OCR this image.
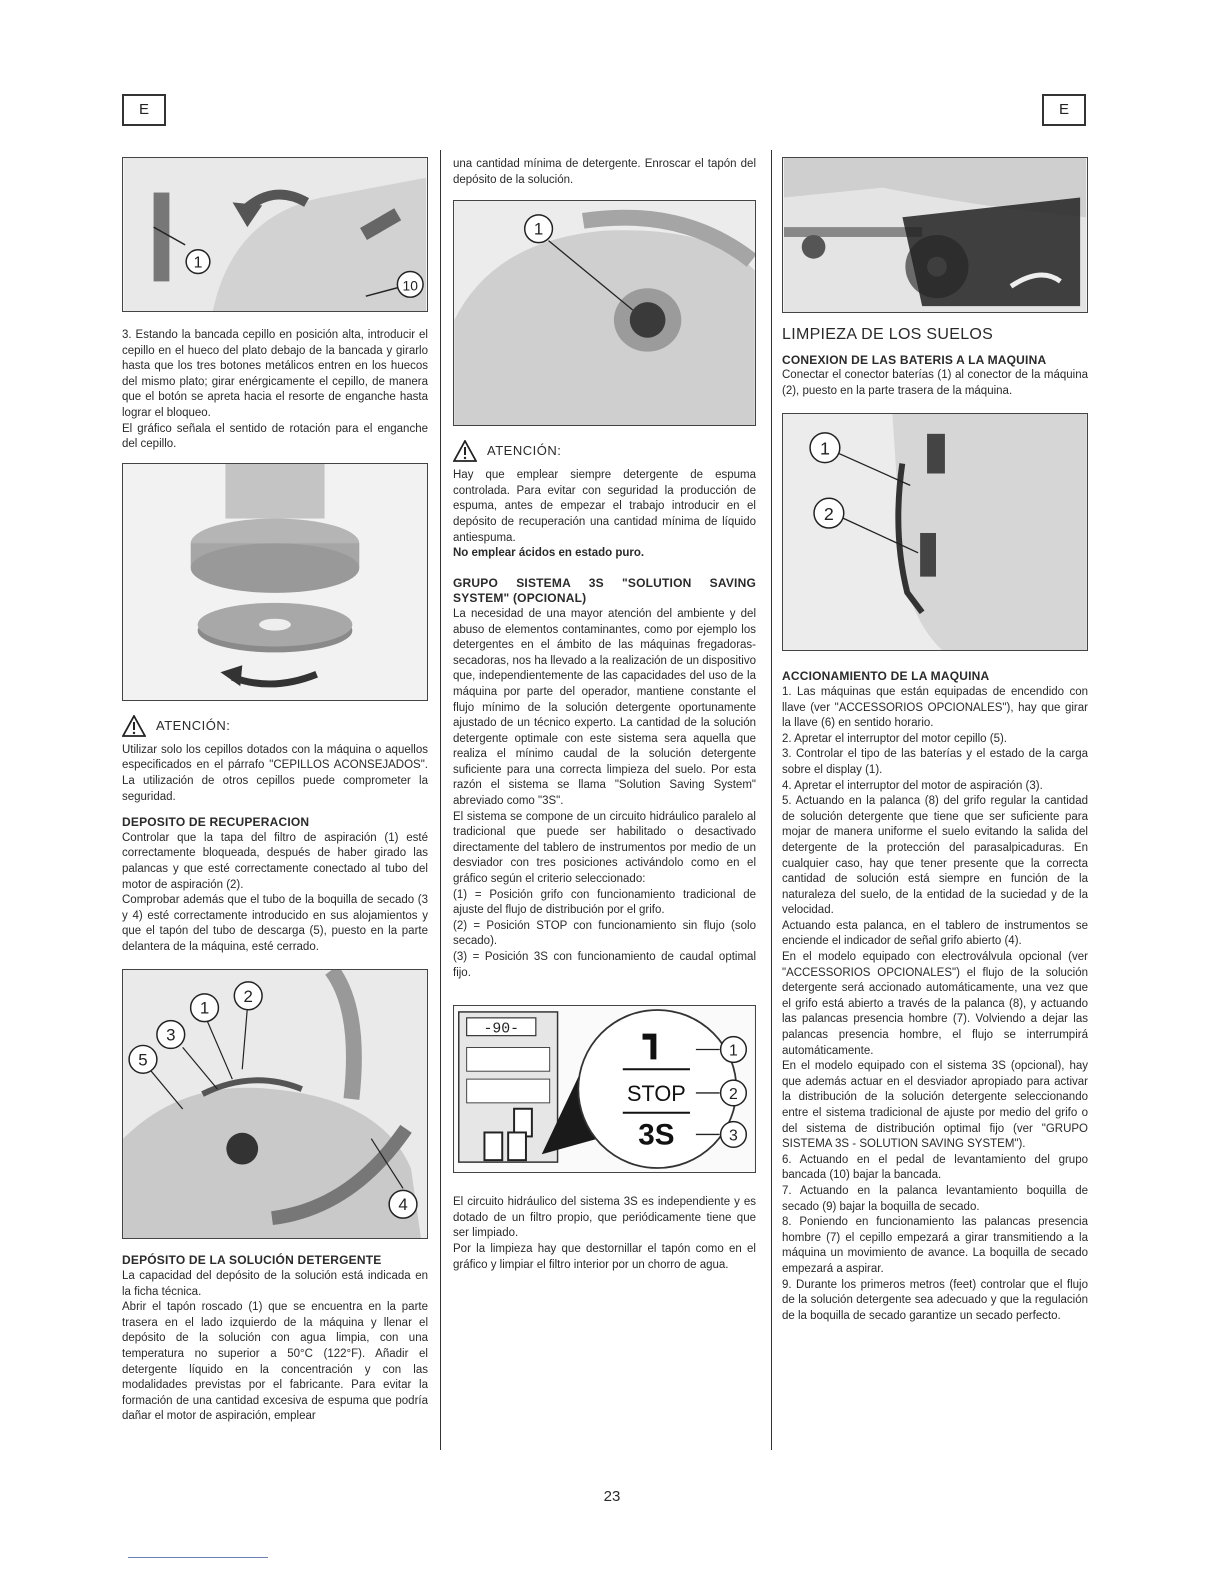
E	E
1
10

3. Estando la bancada cepillo en posición alta, introducir el cepillo en el hueco del plato debajo de la bancada y girarlo hasta que los tres botones metálicos entren en los huecos del mismo plato; girar enérgicamente el cepillo, de manera que el botón se apreta hacia el resorte de enganche hasta lograr el bloqueo.

El gráfico señala el sentido de rotación para el enganche del cepillo.

ATENCIÓN:

Utilizar solo los cepillos dotados con la máquina o aquellos especificados en el párrafo "CEPILLOS ACONSEJADOS". La utilización de otros cepillos puede comprometer la seguridad.

DEPOSITO DE RECUPERACION

Controlar que la tapa del filtro de aspiración (1) esté correctamente bloqueada, después de haber girado las palancas y que esté correctamente conectado al tubo del motor de aspiración (2).

Comprobar además que el tubo de la boquilla de secado (3 y 4) esté correctamente introducido en sus alojamientos y que el tapón del tubo de descarga (5), puesto en la parte delantera de la máquina, esté cerrado.

3
1
2
5
4
DEPÓSITO DE LA SOLUCIÓN DETERGENTE

La capacidad del depósito de la solución está indicada en la ficha técnica.

Abrir el tapón roscado (1) que se encuentra en la parte trasera en el lado izquierdo de la máquina y llenar el depósito de la solución con agua limpia, con una temperatura no superior a 50°C (122°F). Añadir el detergente líquido en la concentración y con las modalidades previstas por el fabricante. Para evitar la formación de una cantidad excesiva de espuma que podría dañar el motor de aspiración, emplear

una cantidad mínima de detergente. Enroscar el tapón del depósito de la solución.

1
ATENCIÓN:

Hay que emplear siempre detergente de espuma controlada. Para evitar con seguridad la producción de espuma, antes de empezar el trabajo introducir en el depósito de recuperación una cantidad mínima de líquido antiespuma.

No emplear ácidos en estado puro.

GRUPO SISTEMA 3S "SOLUTION SAVING SYSTEM" (OPCIONAL)

La necesidad de una mayor atención del ambiente y del abuso de elementos contaminantes, como por ejemplo los detergentes en el ámbito de las máquinas fregadoras-secadoras, nos ha llevado a la realización de un dispositivo que, independientemente de las capacidades del uso de la máquina por parte del operador, mantiene constante el flujo mínimo de la solución detergente oportunamente ajustado de un técnico experto. La cantidad de la solución detergente optimale con este sistema sera aquella que realiza el mínimo caudal de la solución detergente suficiente para una correcta limpieza del suelo. Por esta razón el sistema se llama "Solution Saving System" abreviado como "3S".

El sistema se compone de un circuito hidráulico paralelo al tradicional que puede ser habilitado o desactivado directamente del tablero de instrumentos por medio de un desviador con tres posiciones activándolo como en el gráfico según el criterio seleccionado:

(1) = Posición grifo con funcionamiento tradicional de ajuste del flujo de distribución por el grifo.

(2) = Posición STOP con funcionamiento sin flujo (solo secado).

(3) = Posición 3S con funcionamiento de caudal optimal fijo.

-90-
STOP
3S
1
2
3

El circuito hidráulico del sistema 3S es independiente y es dotado de un filtro propio, que periódicamente tiene que ser limpiado.

Por la limpieza hay que destornillar el tapón como en el gráfico y limpiar el filtro interior por un chorro de agua.

LIMPIEZA DE LOS SUELOS
CONEXION DE LAS BATERIS A LA MAQUINA

Conectar el conector baterías (1) al conector de la máquina (2), puesto en la parte trasera de la máquina.

1
2
ACCIONAMIENTO DE LA MAQUINA

1. Las máquinas que están equipadas de encendido con llave (ver "ACCESSORIOS OPCIONALES"), hay que girar la llave (6) en sentido horario.

2. Apretar el interruptor del motor cepillo (5).

3. Controlar el tipo de las baterías y el estado de la carga sobre el display (1).

4. Apretar el interruptor del motor de aspiración (3).

5. Actuando en la palanca (8) del grifo regular la cantidad de solución detergente que tiene que ser suficiente para mojar de manera uniforme el suelo evitando la salida del detergente de la protección del parasalpicaduras. En cualquier caso, hay que tener presente que la correcta cantidad de solución está siempre en función de la naturaleza del suelo, de la entidad de la suciedad y de la velocidad.

Actuando esta palanca, en el tablero de instrumentos se enciende el indicador de señal grifo abierto (4).

En el modelo equipado con electroválvula opcional (ver "ACCESSORIOS OPCIONALES") el flujo de la solución detergente será accionado automáticamente, una vez que el grifo está abierto a través de la palanca (8), y actuando las palancas presencia hombre (7). Volviendo a dejar las palancas presencia hombre, el flujo se interrumpirá automáticamente.

En el modelo equipado con el sistema 3S (opcional), hay que además actuar en el desviador apropiado para activar la distribución de la solución detergente seleccionando entre el sistema tradicional de ajuste por medio del grifo o del sistema de distribución optimal fijo (ver "GRUPO SISTEMA 3S - SOLUTION SAVING SYSTEM").

6. Actuando en el pedal de levantamiento del grupo bancada (10) bajar la bancada.

7. Actuando en la palanca levantamiento boquilla de secado (9) bajar la boquilla de secado.

8. Poniendo en funcionamiento las palancas presencia hombre (7) el cepillo empezará a girar transmitiendo a la máquina un movimiento de avance. La boquilla de secado empezará a aspirar.

9. Durante los primeros metros (feet) controlar que el flujo de la solución detergente sea adecuado y que la regulación de la boquilla de secado garantize un secado perfecto.

23
